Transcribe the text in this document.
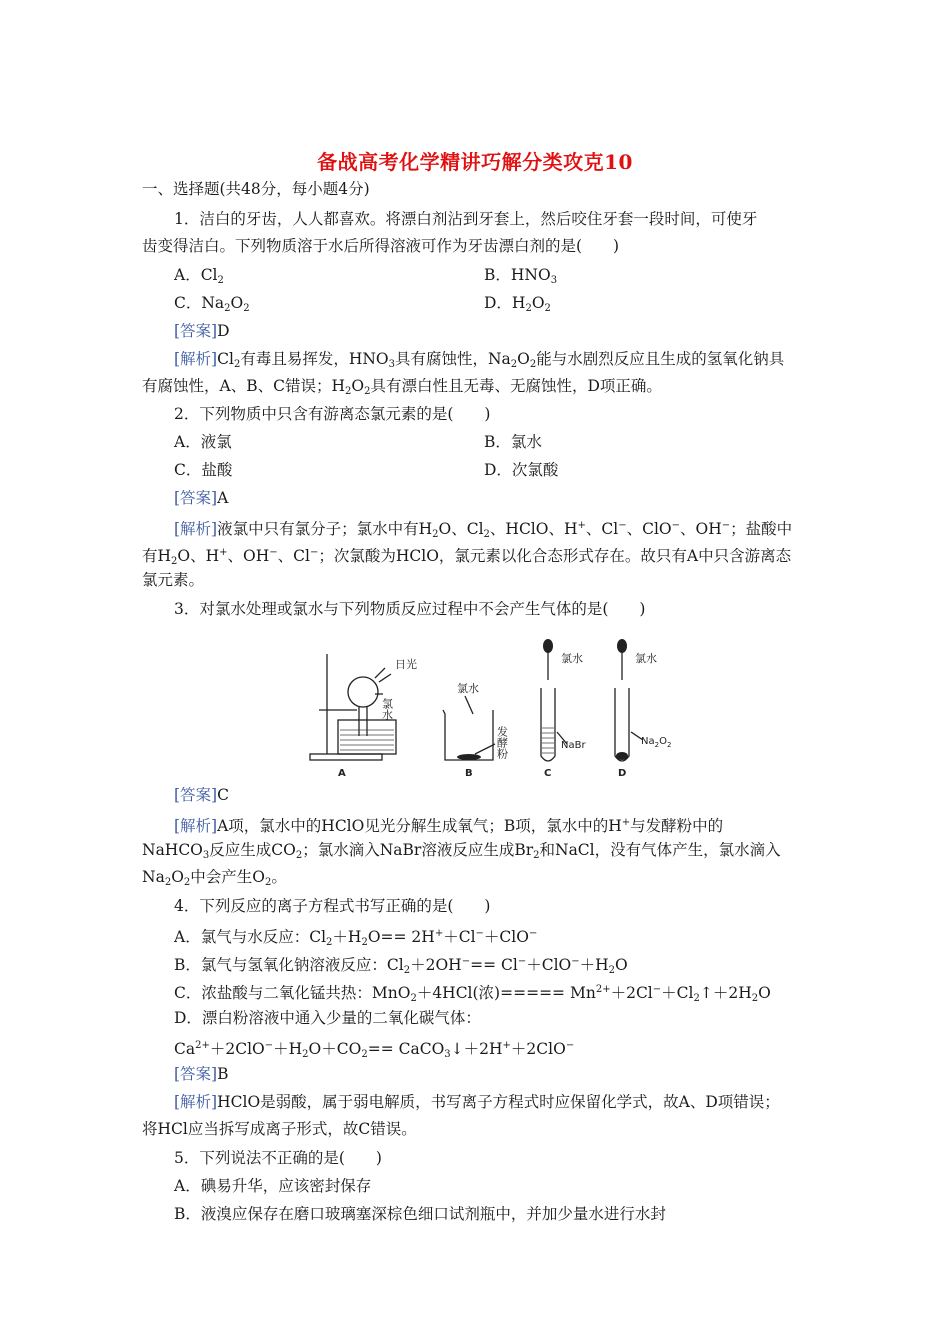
备战高考化学精讲巧解分类攻克10
一、选择题(共48分，每小题4分)
1．洁白的牙齿，人人都喜欢。将漂白剂沾到牙套上，然后咬住牙套一段时间，可使牙
齿变得洁白。下列物质溶于水后所得溶液可作为牙齿漂白剂的是(　　)
A．$Cl_2$	B．$HNO_3$
C．$Na_2O_2$	D．$H_2O_2$
[答案]D
[解析]$Cl_2$有毒且易挥发，$HNO_3$具有腐蚀性，$Na_2O_2$能与水剧烈反应且生成的氢氧化钠具
有腐蚀性，A、B、C错误；$H_2O_2$具有漂白性且无毒、无腐蚀性，D项正确。
2．下列物质中只含有游离态氯元素的是(　　)
A．液氯	B．氯水
C．盐酸	D．次氯酸
[答案]A
[解析]液氯中只有氯分子；氯水中有$H_2O$、$Cl_2$、HClO、H+、Cl−、ClO−、OH−；盐酸中
有$H_2O$、H+、OH−、Cl−；次氯酸为HClO，氯元素以化合态形式存在。故只有A中只含游离态
氯元素。
3．对氯水处理或氯水与下列物质反应过程中不会产生气体的是(　　)
日光
氯水
氯水
发酵粉
氯水	氯水
NaBr	$Na_2O_2$
A	B	C	D
[答案]C
[解析]A项，氯水中的HClO见光分解生成氧气；B项，氯水中的H+与发酵粉中的
NaHCO$_3$反应生成$CO_2$；氯水滴入NaBr溶液反应生成$Br_2$和NaCl，没有气体产生，氯水滴入
$Na_2O_2$中会产生$O_2$。
4．下列反应的离子方程式书写正确的是(　　)
A．氯气与水反应：$Cl_2+H_2O== 2H^++Cl^-+ClO^-$
B．氯气与氢氧化钠溶液反应：$Cl_2+2OH^-== Cl^-+ClO^-+H_2O$
C．浓盐酸与二氧化锰共热：MnO$_2$＋4HCl(浓)===== $Mn^{2+}+2Cl^-+Cl_2↑+2H_2O$
D．漂白粉溶液中通入少量的二氧化碳气体：
$Ca^{2+}+2ClO^-+H_2O+CO_2==$ CaCO$_3$↓＋2H+＋2ClO−
[答案]B
[解析]HClO是弱酸，属于弱电解质，书写离子方程式时应保留化学式，故A、D项错误；
将HCl应当拆写成离子形式，故C错误。
5．下列说法不正确的是(　　)
A．碘易升华，应该密封保存
B．液溴应保存在磨口玻璃塞深棕色细口试剂瓶中，并加少量水进行水封
